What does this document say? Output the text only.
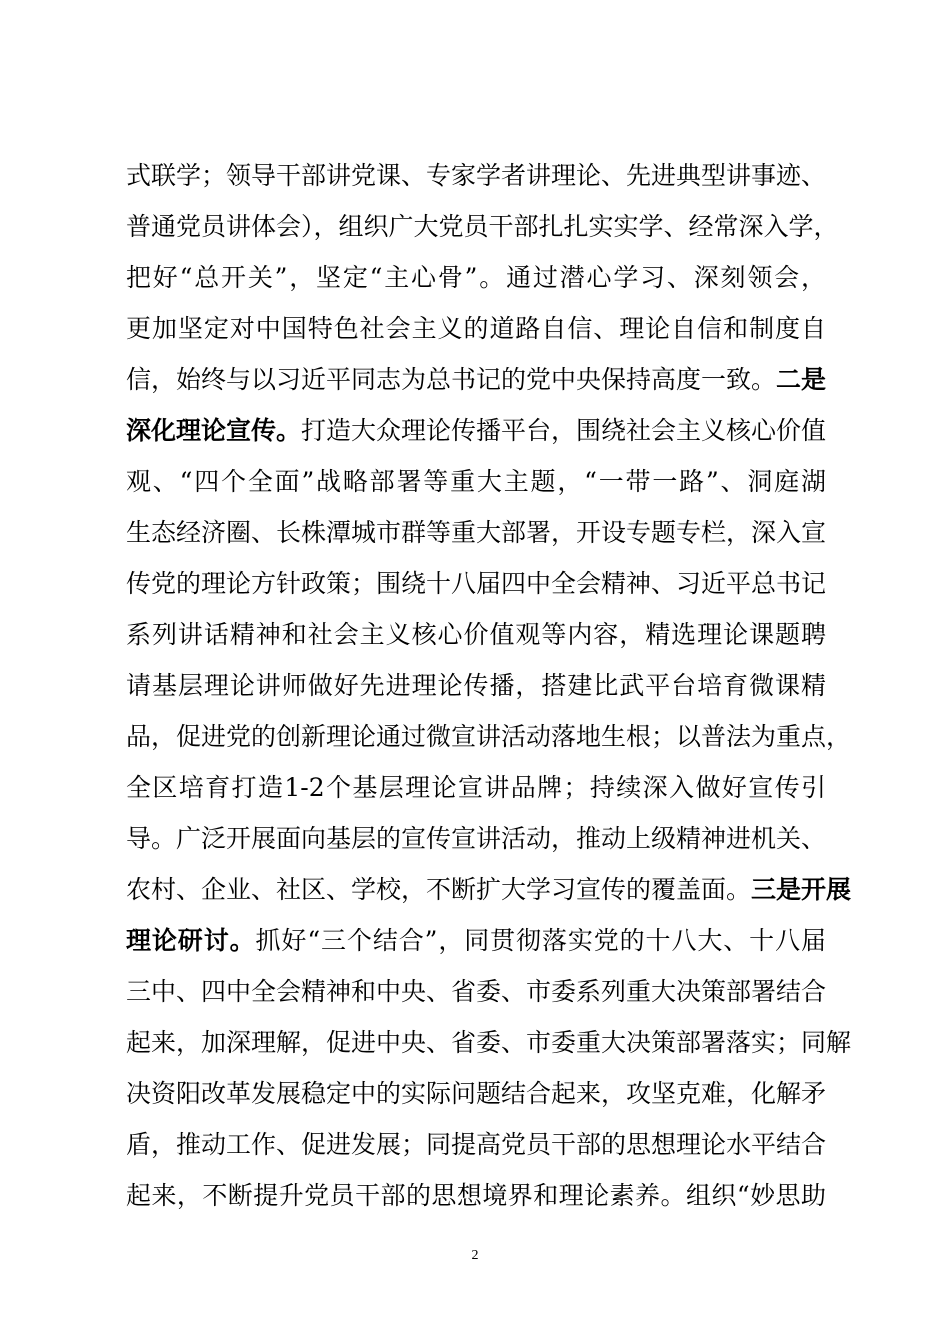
式联学；领导干部讲党课、专家学者讲理论、先进典型讲事迹、
普通党员讲体会），组织广大党员干部扎扎实实学、经常深入学，
把好“总开关”，坚定“主心骨”。通过潜心学习、深刻领会，
更加坚定对中国特色社会主义的道路自信、理论自信和制度自
信，始终与以习近平同志为总书记的党中央保持高度一致。二是
深化理论宣传。打造大众理论传播平台，围绕社会主义核心价值
观、“四个全面”战略部署等重大主题，“一带一路”、洞庭湖
生态经济圈、长株潭城市群等重大部署，开设专题专栏，深入宣
传党的理论方针政策；围绕十八届四中全会精神、习近平总书记
系列讲话精神和社会主义核心价值观等内容，精选理论课题聘
请基层理论讲师做好先进理论传播，搭建比武平台培育微课精
品，促进党的创新理论通过微宣讲活动落地生根；以普法为重点，
全区培育打造1-2个基层理论宣讲品牌；持续深入做好宣传引
导。广泛开展面向基层的宣传宣讲活动，推动上级精神进机关、
农村、企业、社区、学校，不断扩大学习宣传的覆盖面。三是开展
理论研讨。抓好“三个结合”，同贯彻落实党的十八大、十八届
三中、四中全会精神和中央、省委、市委系列重大决策部署结合
起来，加深理解，促进中央、省委、市委重大决策部署落实；同解
决资阳改革发展稳定中的实际问题结合起来，攻坚克难，化解矛
盾，推动工作、促进发展；同提高党员干部的思想理论水平结合
起来，不断提升党员干部的思想境界和理论素养。组织“妙思助
2
